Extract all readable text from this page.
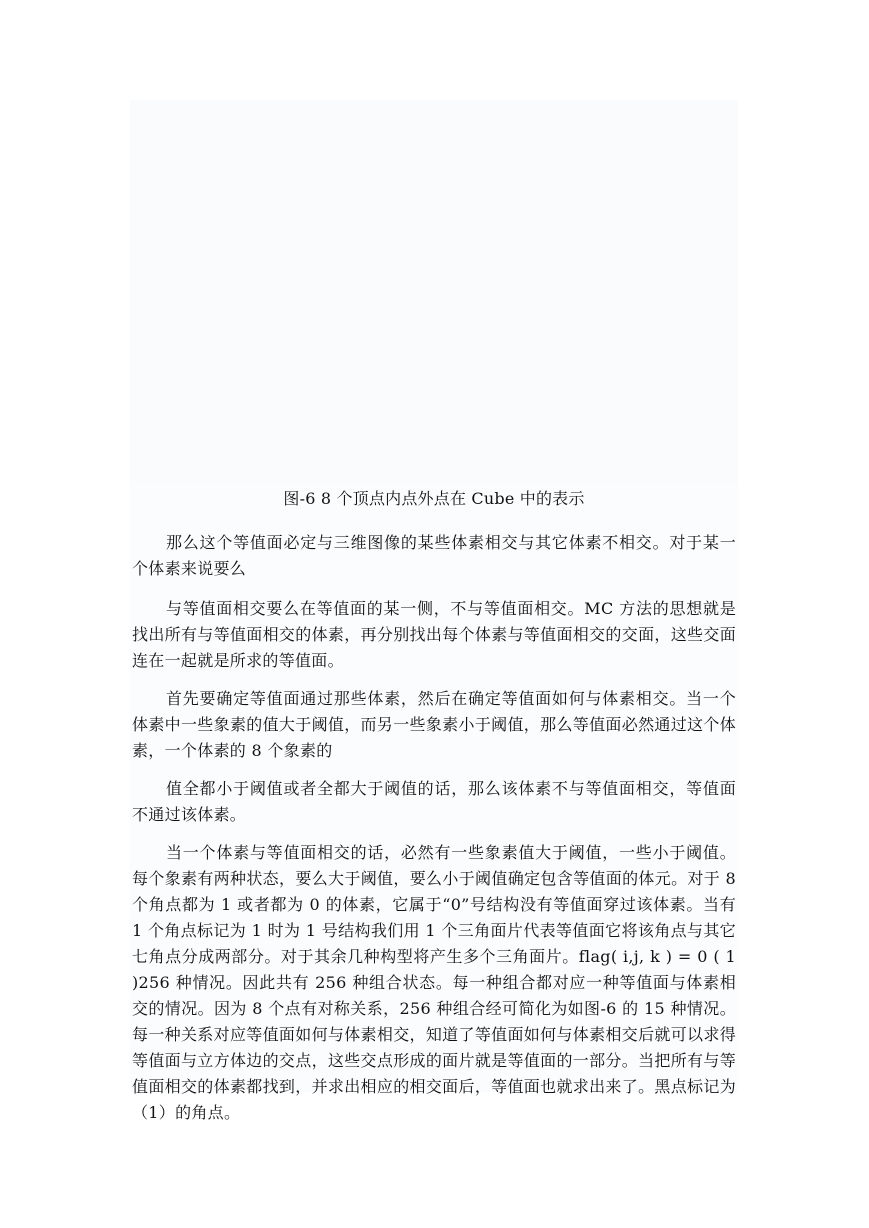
图-6 8 个顶点内点外点在 Cube 中的表示

那么这个等值面必定与三维图像的某些体素相交与其它体素不相交。对于某一个体素来说要么

与等值面相交要么在等值面的某一侧，不与等值面相交。MC 方法的思想就是找出所有与等值面相交的体素，再分别找出每个体素与等值面相交的交面，这些交面连在一起就是所求的等值面。

首先要确定等值面通过那些体素，然后在确定等值面如何与体素相交。当一个体素中一些象素的值大于阈值，而另一些象素小于阈值，那么等值面必然通过这个体素，一个体素的 8 个象素的

值全都小于阈值或者全都大于阈值的话，那么该体素不与等值面相交，等值面不通过该体素。

当一个体素与等值面相交的话，必然有一些象素值大于阈值，一些小于阈值。每个象素有两种状态，要么大于阈值，要么小于阈值确定包含等值面的体元。对于 8 个角点都为 1 或者都为 0 的体素，它属于“0”号结构没有等值面穿过该体素。当有 1 个角点标记为 1 时为 1 号结构我们用 1 个三角面片代表等值面它将该角点与其它七角点分成两部分。对于其余几种构型将产生多个三角面片。flag( i,j, k ) = 0 ( 1 )256 种情况。因此共有 256 种组合状态。每一种组合都对应一种等值面与体素相交的情况。因为 8 个点有对称关系，256 种组合经可简化为如图-6 的 15 种情况。每一种关系对应等值面如何与体素相交，知道了等值面如何与体素相交后就可以求得等值面与立方体边的交点，这些交点形成的面片就是等值面的一部分。当把所有与等值面相交的体素都找到，并求出相应的相交面后，等值面也就求出来了。黑点标记为（1）的角点。
